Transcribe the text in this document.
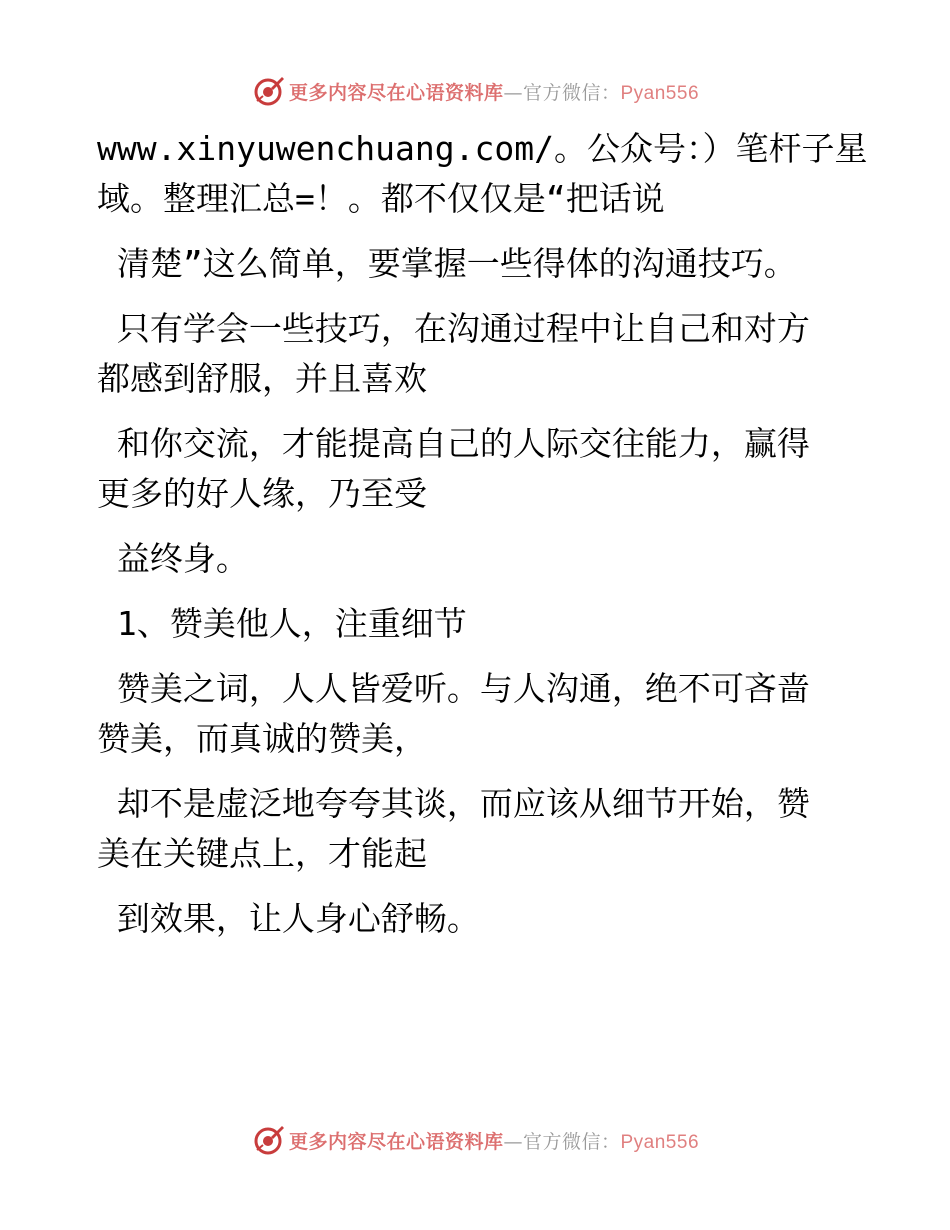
更多内容尽在心语资料库—官方微信：Pyan556

www.xinyuwenchuang.com/。公众号：）笔杆子星

域。整理汇总=！。都不仅仅是“把话说

清楚”这么简单，要掌握一些得体的沟通技巧。

只有学会一些技巧，在沟通过程中让自己和对方

都感到舒服，并且喜欢

和你交流，才能提高自己的人际交往能力，赢得

更多的好人缘，乃至受

益终身。

1、赞美他人，注重细节

赞美之词，人人皆爱听。与人沟通，绝不可吝啬

赞美，而真诚的赞美，

却不是虚泛地夸夸其谈，而应该从细节开始，赞

美在关键点上，才能起

到效果，让人身心舒畅。

更多内容尽在心语资料库—官方微信：Pyan556
